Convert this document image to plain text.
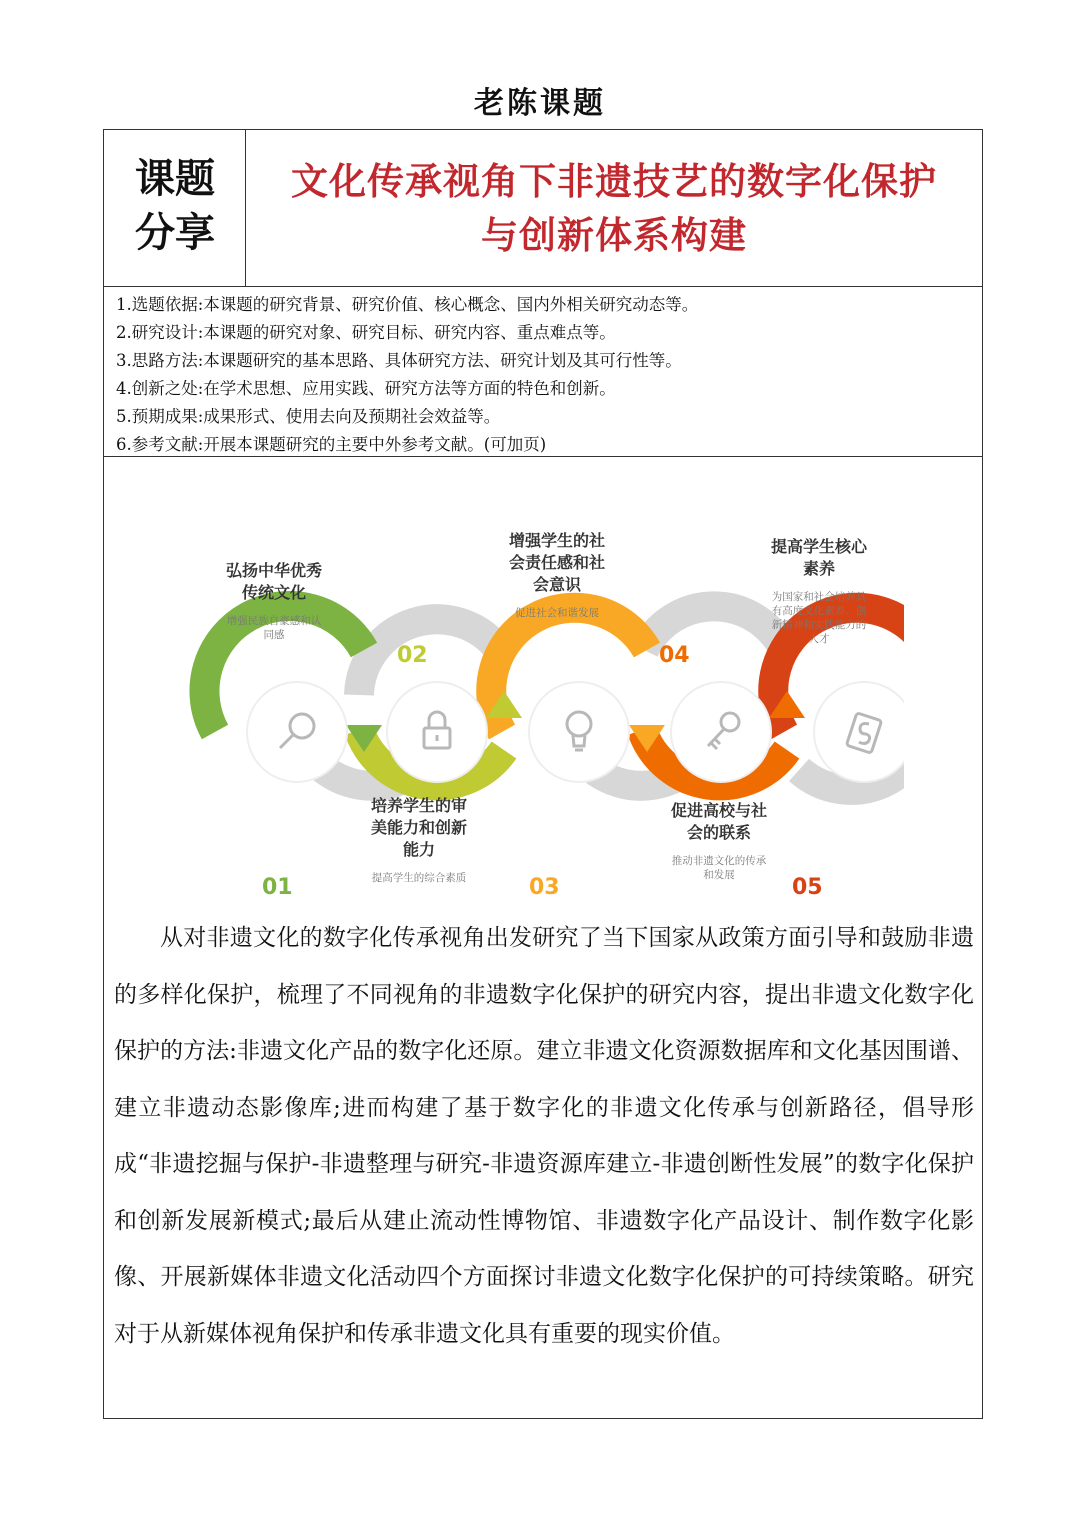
老陈课题
课题
分享
文化传承视角下非遗技艺的数字化保护
与创新体系构建
1.选题依据:本课题的研究背景、研究价值、核心概念、国内外相关研究动态等。
2.研究设计:本课题的研究对象、研究目标、研究内容、重点难点等。
3.思路方法:本课题研究的基本思路、具体研究方法、研究计划及其可行性等。
4.创新之处:在学术思想、应用实践、研究方法等方面的特色和创新。
5.预期成果:成果形式、使用去向及预期社会效益等。
6.参考文献:开展本课题研究的主要中外参考文献。(可加页)
01
02
03
04
05
弘扬中华优秀
传统文化
增强民族自豪感和认
同感
培养学生的审
美能力和创新
能力
提高学生的综合素质
增强学生的社
会责任感和社
会意识
促进社会和谐发展
促进高校与社
会的联系
推动非遗文化的传承
和发展
提高学生核心
素养
为国家和社会培养具
有高度文化素养、创
新精神和实践能力的
人才
从对非遗文化的数字化传承视角出发研究了当下国家从政策方面引导和鼓励非遗的多样化保护，梳理了不同视角的非遗数字化保护的研究内容，提出非遗文化数字化保护的方法:非遗文化产品的数字化还原。建立非遗文化资源数据库和文化基因围谱、建立非遗动态影像库;进而构建了基于数字化的非遗文化传承与创新路径，倡导形成“非遗挖掘与保护-非遗整理与研究-非遗资源库建立-非遗创断性发展”的数字化保护和创新发展新模式;最后从建止流动性博物馆、非遗数字化产品设计、制作数字化影像、开展新媒体非遗文化活动四个方面探讨非遗文化数字化保护的可持续策略。研究对于从新媒体视角保护和传承非遗文化具有重要的现实价值。
